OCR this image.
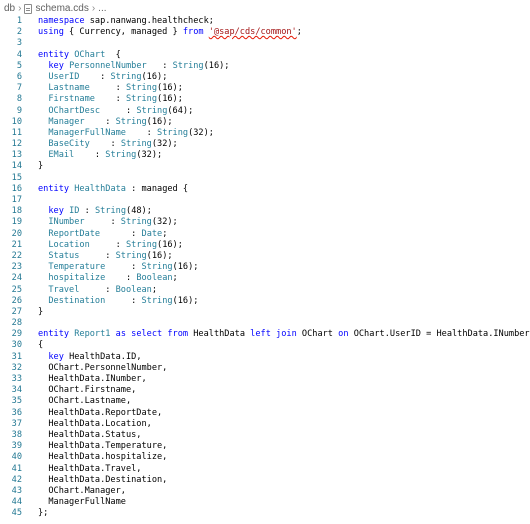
db › schema.cds › ...
1 namespace sap.nanwang.healthcheck;
2 using { Currency, managed } from '@sap/cds/common';
3
4 entity OChart  {
5	key PersonnelNumber   : String(16);
6	UserID    : String(16);
7	Lastname     : String(16);
8	Firstname    : String(16);
9	OChartDesc     : String(64);
10	Manager    : String(16);
11	ManagerFullName    : String(32);
12	BaseCity    : String(32);
13	EMail    : String(32);
14 }
15
16 entity HealthData : managed {
17
18	key ID : String(48);
19	INumber     : String(32);
20	ReportDate      : Date;
21	Location     : String(16);
22	Status     : String(16);
23	Temperature     : String(16);
24	hospitalize    : Boolean;
25	Travel     : Boolean;
26	Destination     : String(16);
27 }
28
29 entity Report1 as select from HealthData left join OChart on OChart.UserID = HealthData.INumber
30 {
31	key HealthData.ID,
32 OChart.PersonnelNumber,
33 HealthData.INumber,
34 OChart.Firstname,
35 OChart.Lastname,
36 HealthData.ReportDate,
37 HealthData.Location,
38 HealthData.Status,
39 HealthData.Temperature,
40 HealthData.hospitalize,
41 HealthData.Travel,
42 HealthData.Destination,
43 OChart.Manager,
44 ManagerFullName
45 };
